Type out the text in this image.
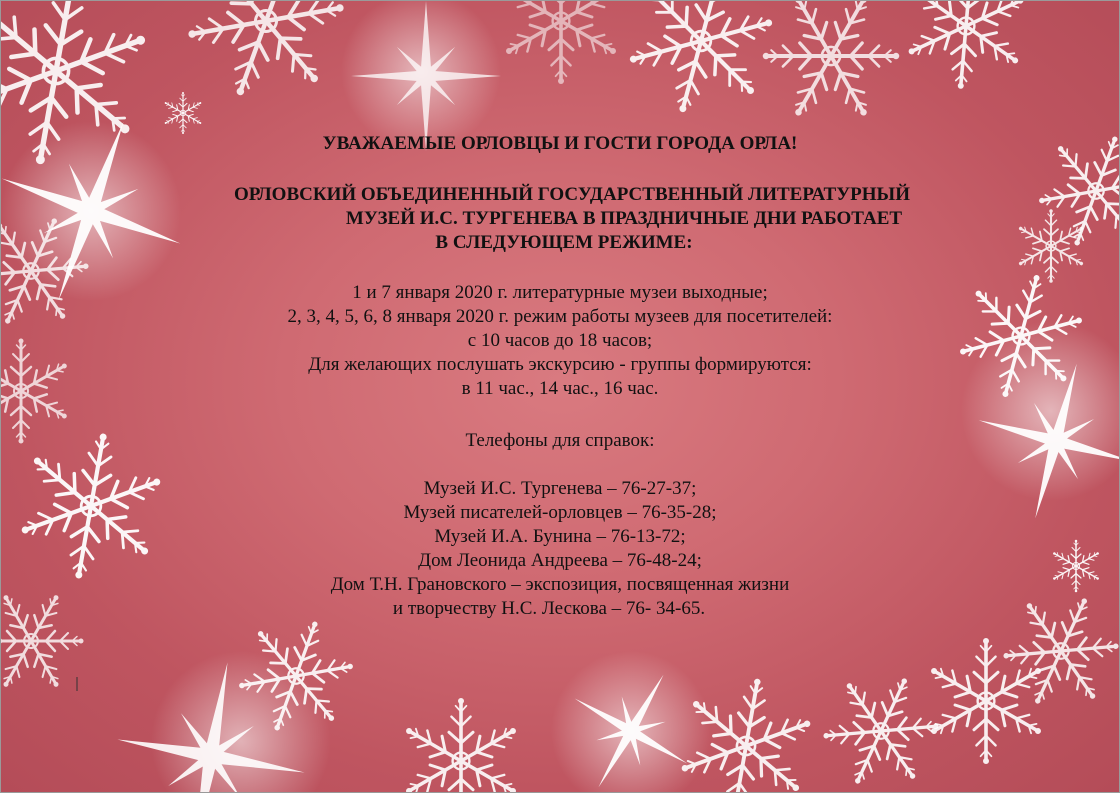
УВАЖАЕМЫЕ ОРЛОВЦЫ И ГОСТИ ГОРОДА ОРЛА!
ОРЛОВСКИЙ ОБЪЕДИНЕННЫЙ ГОСУДАРСТВЕННЫЙ ЛИТЕРАТУРНЫЙ
МУЗЕЙ И.С. ТУРГЕНЕВА В ПРАЗДНИЧНЫЕ ДНИ РАБОТАЕТ
В СЛЕДУЮЩЕМ РЕЖИМЕ:
1 и 7 января 2020 г. литературные музеи выходные;
2, 3, 4, 5, 6, 8 января 2020 г. режим работы музеев для посетителей:
с 10 часов до 18 часов;
Для желающих послушать экскурсию - группы формируются:
в 11 час., 14 час., 16 час.
Телефоны для справок:
Музей И.С. Тургенева – 76-27-37;
Музей писателей-орловцев – 76-35-28;
Музей И.А. Бунина – 76-13-72;
Дом Леонида Андреева – 76-48-24;
Дом Т.Н. Грановского – экспозиция, посвященная жизни
и творчеству Н.С. Лескова – 76- 34-65.
